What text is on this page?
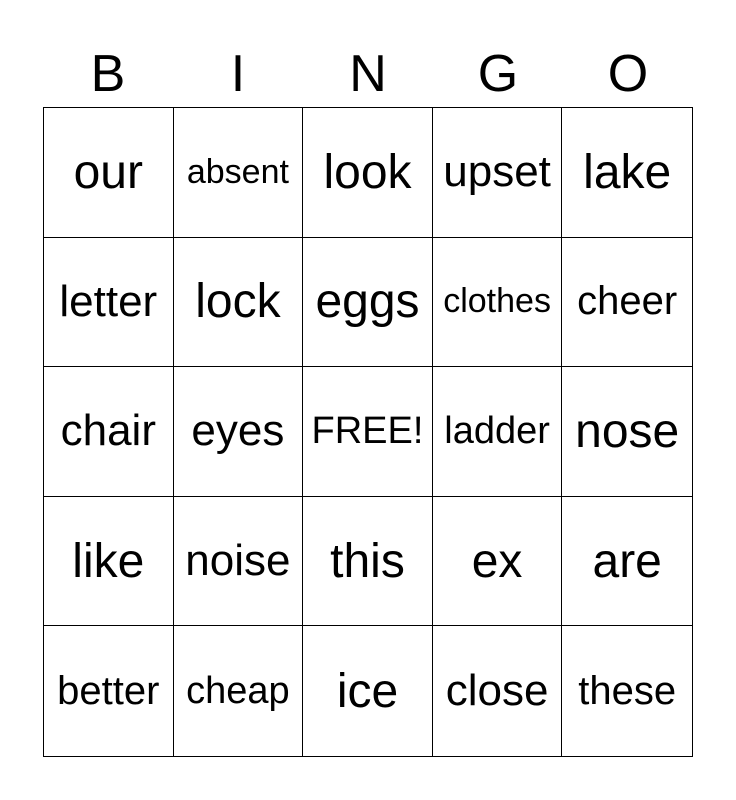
B	I	N	G	O
our absent look upset lake
letter lock eggs clothes cheer
chair eyes FREE! ladder nose
like noise this ex are
better cheap ice close these
